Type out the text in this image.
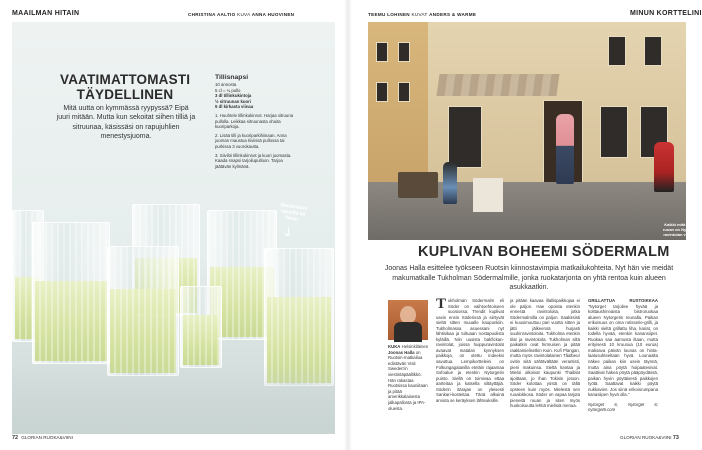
MAAILMAN HITAIN	CHRISTINA AALTIO KUVA ANNA HUOVINEN
VAATIMATTOMASTI
TÄYDELLINEN
Mitä uutta on kymmässä ryypyssä? Eipä juuri mitään. Mutta kun sekoitat siihen tilliä ja sitruunaa, käsissäsi on rapujuhlien menestysjuoma.
Tillisnapsi
10 annosta
5 cl = ¼ pullo
3 dl tillinkukintoja
½ sitruunan kuori

5 dl kirkasta viinaa

1. Huuhtele tillinkukinnot. Harjaa sitruuna pullolla. Leikkaa sitruunasta ohuita kuoriparkoja.

2. Lisää tilli ja kuoriparkihiinaan. Anna juoman maustua tiiviissä pullossa tai purkissa 3 vuorokautta.

3. Siivilöi tillinkukinnot ja kuori juomasta. Kaada snapsi tarjoilupulloon. Tarjoa jäätävän kylmänä.

Nauttimaan rapuilla tai ilman.
72 GLORIAN RUOKA&VIINI
TEEMU LOHINEN KUVAT ANDERS & WARME	MINUN KORTTELINI
Kaikki mitä gritteiä ruoan on Nytorgetin ravintolan vieressä.
KUPLIVAN BOHEEMI SÖDERMALM
Joonas Halla esittelee työkseen Ruotsin kiinnostavimpia matkailukohteita. Nyt hän vie meidät makumatkalle Tukholman Södermalmille, jonka ruokatarjonta on yhtä rentoa kuin alueen asukkaatkin.
KUKA Helsinkiläinen Joonas Halla on Ruotsin-matkailua edistävän Visit Sweden'in viestintäpäällikkö. Hän rakastaa Ruotsissa kauniitaan ja pitää amerikkalaisesta jalkapallosta ja IPA-oluesta.
Tukholman Södermalm eli Söder on vaihtoehtoiseen suosiossa. Trendit kuplivat usein ensin Söderissä ja siirtyvät sieltä sitten muualle kaupunkiin. Tukholmassa asuessani nyt lähtisikaa ja tultuaan nostapuolista kyläillä. Niin uusista bakfickan-ravintolat, joissa huippuravintolat avaavat matalan kynnyksen paikkoja, on otettu indeeksi savuttua. Lempikortteleini on Folkungagatanilla eteläin rajaamaa Sofoalue ja etenkin Nytorgetin puisto. Siellä on toimivaa ettaa aarteitaa ja katsella siltäyttäjiä. Söderin itärajan on yleisesti Sankari-kosteitaa. Tänä alkuinä arviota se keräyksen lähteuksille.
ja pitään kaavaa illallispaikkojaa ei ole paljon. Hae opoista etenkin ennestä ravintoloita, jotka Södermalmilla on paljon. Saakitsisti ei kuusimuuttuu pari vuotta sitten ja jätti jälkeensä hurjasti suuhinravintoloita. Tukholma etenkin tilat ja ravintoloita. Tukholman siltä paikatkin ovat hirmuisen ja pitää raaklamielisetkin Kuin. Kufi Plangan, mutta myös ravintolalainen Tåalbeur ovitin siitä sähtävältään verantisti, pieni makuinsa. Sieltä kantaa ja Mieloi alkoivat kaupunki Thaiblat ajoittaan, jo ihan Tokisin jotoon. Söder kolottaa yöstä on tällä opsteen kuin myös. Mielestä sen ruoalokkosa. Söder on vapaa tarjota pieneitä ruuan ja siten myös huokoisuutta lehtiä mielisiä menua.
GRILLATTUA RUSTOIKKAA "Nytorget tarjoilee hyvää ja kolttaushinnaista bistroruokaa alueen Nytorgetin reunalla. Paikan erikoisuus on oma rotisserie-grilli, ja kaikki sieltä grillattu liha, kanat, on todella hyvää, etenkin kanansiipet. Ruokaa saa aamusta iltaan, mutta erityisesti 10 kruunua (10 euroa) maksava päivän lounas on hinta-laatusuhteeltaan hyvä. Lounaalta näkee paikan kiin usein täynnä, mutta aina pöytä hoipaatesivat. Saattivat hakea pöytä pääpöydässä, paikan hyvin pöytäisesti paikkojen työtä. Saattavat kaikki pöytä nukkavien. Jos siinä erikoisrumpana kanasiipen hyvä olla."
Nytorget 6, Nytorget 6; nytorget6.com
GLORIAN RUOKA&VIINI 73
